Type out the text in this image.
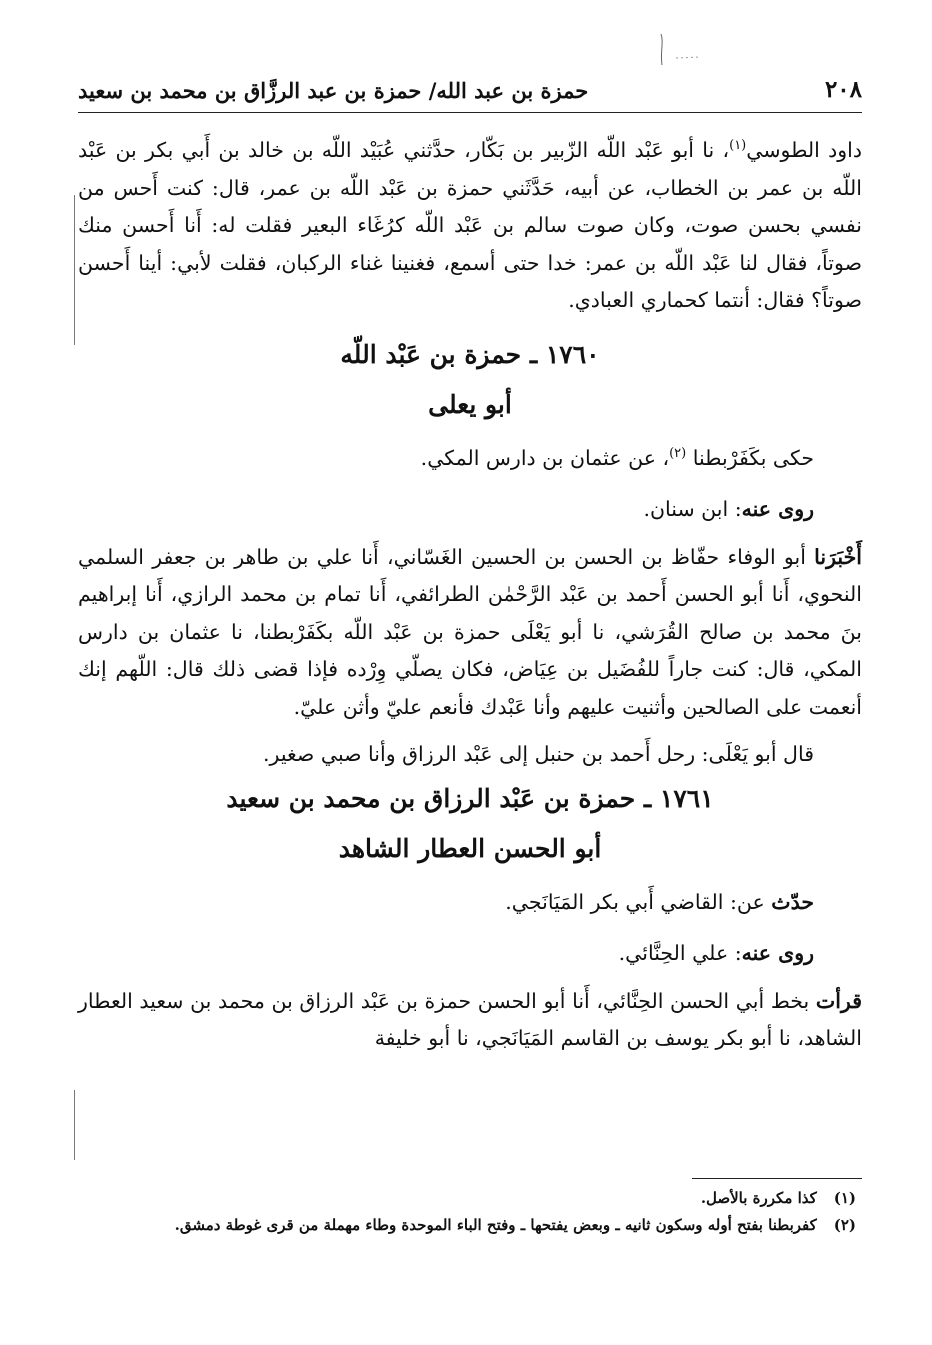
٢٠٨
حمزة بن عبد الله/ حمزة بن عبد الرزَّاق بن محمد بن سعيد

داود الطوسي$^{(١)}$، نا أبو عَبْد اللّه الزّبير بن بَكّار، حدَّثني عُبَيْد اللّه بن خالد بن أَبي بكر بن عَبْد اللّه بن عمر بن الخطاب، عن أبيه، حَدَّثَني حمزة بن عَبْد اللّه بن عمر، قال: كنت أَحس من نفسي بحسن صوت، وكان صوت سالم بن عَبْد اللّه كرُغَاء البعير فقلت له: أَنا أَحسن منك صوتاً، فقال لنا عَبْد اللّه بن عمر: خدا حتى أسمع، فغنينا غناء الركبان، فقلت لأبي: أينا أَحسن صوتاً؟ فقال: أنتما كحماري العبادي.

١٧٦٠ ـ حمزة بن عَبْد اللّه
أبو يعلى

حكى بكَفَرْبطنا $^{(٢)}$، عن عثمان بن دارس المكي.

روى عنه: ابن سنان.

أَخْبَرَنا أبو الوفاء حفّاظ بن الحسن بن الحسين الغَسّاني، أَنا علي بن طاهر بن جعفر السلمي النحوي، أَنا أبو الحسن أَحمد بن عَبْد الرَّحْمٰن الطرائفي، أَنا تمام بن محمد الرازي، أَنا إبراهيم بنَ محمد بن صالح القُرَشي، نا أبو يَعْلَى حمزة بن عَبْد اللّه بكَفَرْبطنا، نا عثمان بن دارس المكي، قال: كنت جاراً للفُضَيل بن عِيَاض، فكان يصلّي وِرْده فإذا قضى ذلك قال: اللّهم إنك أنعمت على الصالحين وأثنيت عليهم وأنا عَبْدك فأنعم عليّ وأثن عليّ.

قال أبو يَعْلَى: رحل أَحمد بن حنبل إلى عَبْد الرزاق وأنا صبي صغير.

١٧٦١ ـ حمزة بن عَبْد الرزاق بن محمد بن سعيد
أبو الحسن العطار الشاهد

حدّث عن: القاضي أَبي بكر المَيَانَجي.

روى عنه: علي الحِنَّائي.

قرأت بخط أبي الحسن الحِنَّائي، أَنا أبو الحسن حمزة بن عَبْد الرزاق بن محمد بن سعيد العطار الشاهد، نا أبو بكر يوسف بن القاسم المَيَانَجي، نا أبو خليفة

(١) كذا مكررة بالأصل.

(٢) كفربطنا بفتح أوله وسكون ثانيه ـ وبعض يفتحها ـ وفتح الباء الموحدة وطاء مهملة من قرى غوطة دمشق.
